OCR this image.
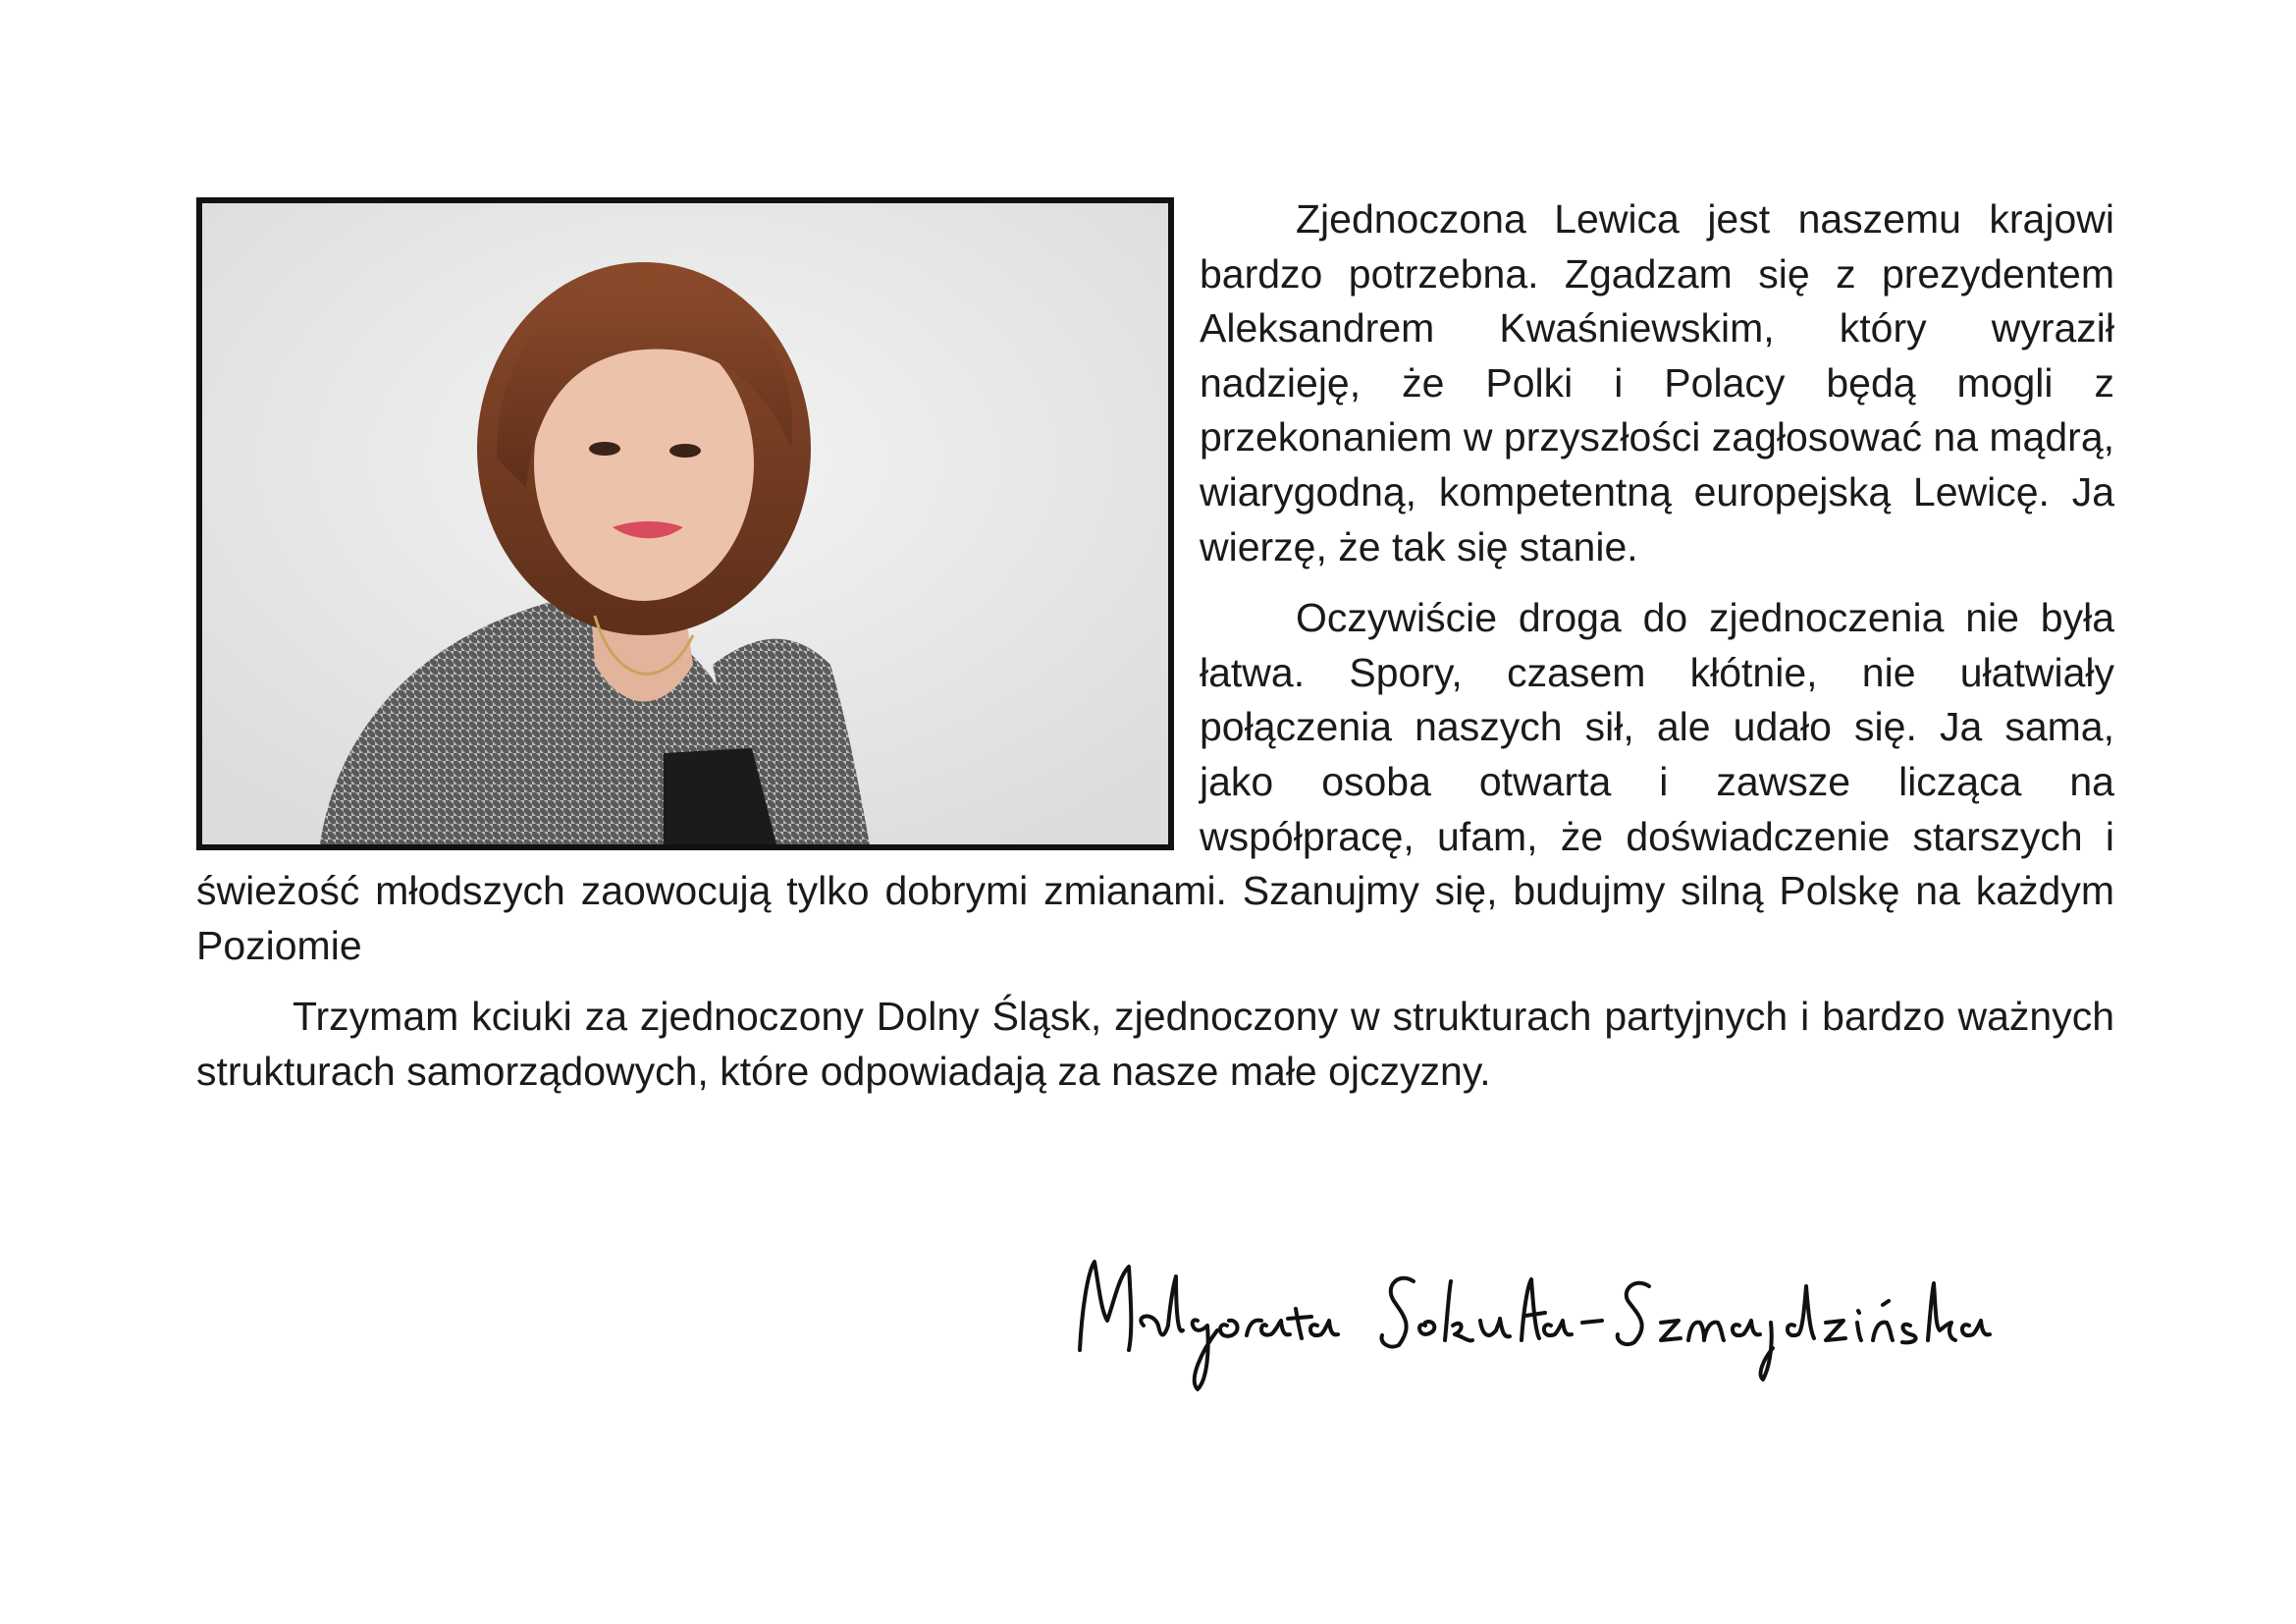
Zjednoczona Lewica jest naszemu krajowi bardzo potrzebna. Zgadzam się z prezydentem Aleksandrem Kwaśniewskim, który wyraził nadzieję, że Polki i Polacy będą mogli z przekonaniem w przyszłości zagłosować na mądrą, wiarygodną, kompetentną europejską Lewicę. Ja wierzę, że tak się stanie.

Oczywiście droga do zjednoczenia nie była łatwa. Spory, czasem kłótnie, nie ułatwiały połączenia naszych sił, ale udało się. Ja sama, jako osoba otwarta i zawsze licząca na współpracę, ufam, że doświadczenie starszych i świeżość młodszych zaowocują tylko dobrymi zmianami. Szanujmy się, budujmy silną Polskę na każdym Poziomie

Trzymam kciuki za zjednoczony Dolny Śląsk, zjednoczony w strukturach partyjnych i bardzo ważnych strukturach samorządowych, które odpowiadają za nasze małe ojczyzny.
